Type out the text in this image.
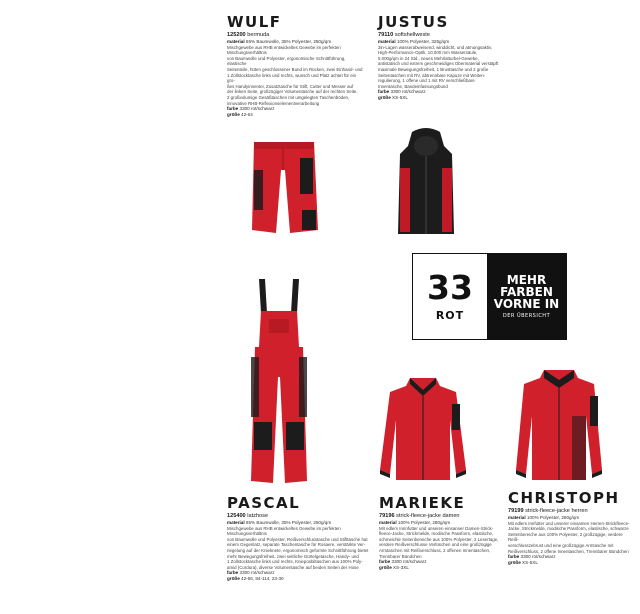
WULF
125200 bermuda
material 65% Baumwolle, 35% Polyester, 250g/qm
Mischgewebe aus RHB entwickeltes Gewebe im perfekten Mischungsverhältnis
von Baumwolle und Polyester, ergonomische Schnittführung, elastische
Seitenteile, hüten geschlossener Bund im Rücken, zwei Einhand- und
1 Zollstocktasche links und rechts, wunsch und Platz achtet für ein gro-
ßes Handyinnentei, Zusatztasche für Stift, Cutter und Messer auf
der linken Seite, großzügiger Volumentasche auf der rechten Seite,
2 großvolumige Gesäßtaschen mit umgelegten Taschenböden,
innovative RHB-Reflexionselementverarbeitung
farbe 3300 rot/schwarz
größe 42-64
JUSTUS
79110 softshellweste
material 100% Polyester, 325g/qm
3in-Lagen wasserabweisend, winddicht, und atmungsaktiv,
High-Performance-Optik, 10.000 mm Wassersäule,
5.000g/qm in 24 Std., neues Mehrlatturbel-Gewebe,
antistatisch und extrem geschmeidiges Obermaterial verstäpft
maximale Bewegungsfreiheit, 1 Brusttasche und 2 große
Seitentaschen mit RV, abtrennbare Kapuze mit Weiten-
regulierung, 1 offene und 1 mit RV verschließbare
Innentasche, Bandeinfassungsbund
farbe 3300 rot/schwarz
größe XS-5XL
33
ROT
MEHR
FARBEN
VORNE IN
DER ÜBERSICHT
PASCAL
125400 latzhose
material 65% Baumwolle, 35% Polyester, 250g/qm
Mischgewebe aus RHB entwickeltes Gewebe im perfekten Mischungsverhältnis
von Baumwolle und Polyester, Reißverschlusstasche und Stifttasche hat
einem Gegenlatz, separate Taschentasche für Rosaere, verstärkte Ver-
riegelung auf der Knieknete, ergonomisch geformte Schnittführung bietet
mehr Bewegungsfreiheit, zwei seitliche Gürtelgetasche, Handy- und
1 Zollstocktasche links und rechts, Knieposbiltaschen aus 100% Poly-
amid (Cordura), diverse Volumentasche auf beiden Seiten der Hose
farbe 3300 rot/schwarz
größe 42-66, 84-114, 23-30
MARIEKE
79196 strick-fleece-jacke damen
material 100% Polyester, 280g/qm
Mit edlem Innnfutter und unseren einsanner Damen-Strick-
fleece-Jacke, Strickmelde, modische Passform, elastische,
schmeichle Seitenbereiche aus 100% Polyester, 2 Lesertage,
verdere Reißverschlusse Verlüschen und eine großzügige
Armtaschen mit Reißverschluss, 2 offenen Innentaschen,
Trennbarer Bündchen
farbe 3300 rot/schwarz
größe XS-3XL
CHRISTOPH
79199 strick-fleece-jacke herren
material 100% Polyester, 280g/qm
Mit edlem Innfutter und unserer einsamen Herren-Strickfleece-
Jacke, Strickmelde, modische Passform, elastische, schwarze
Seitenbereiche aus 100% Polyester, 2 großzügige, verdere Reiß-
verschlusszebrust und eine großzügige Armtasche mit
Reißverschluss, 2 offene Innentaschen, Trennbarer Bündchen
farbe 3300 rot/schwarz
größe XS-5XL
